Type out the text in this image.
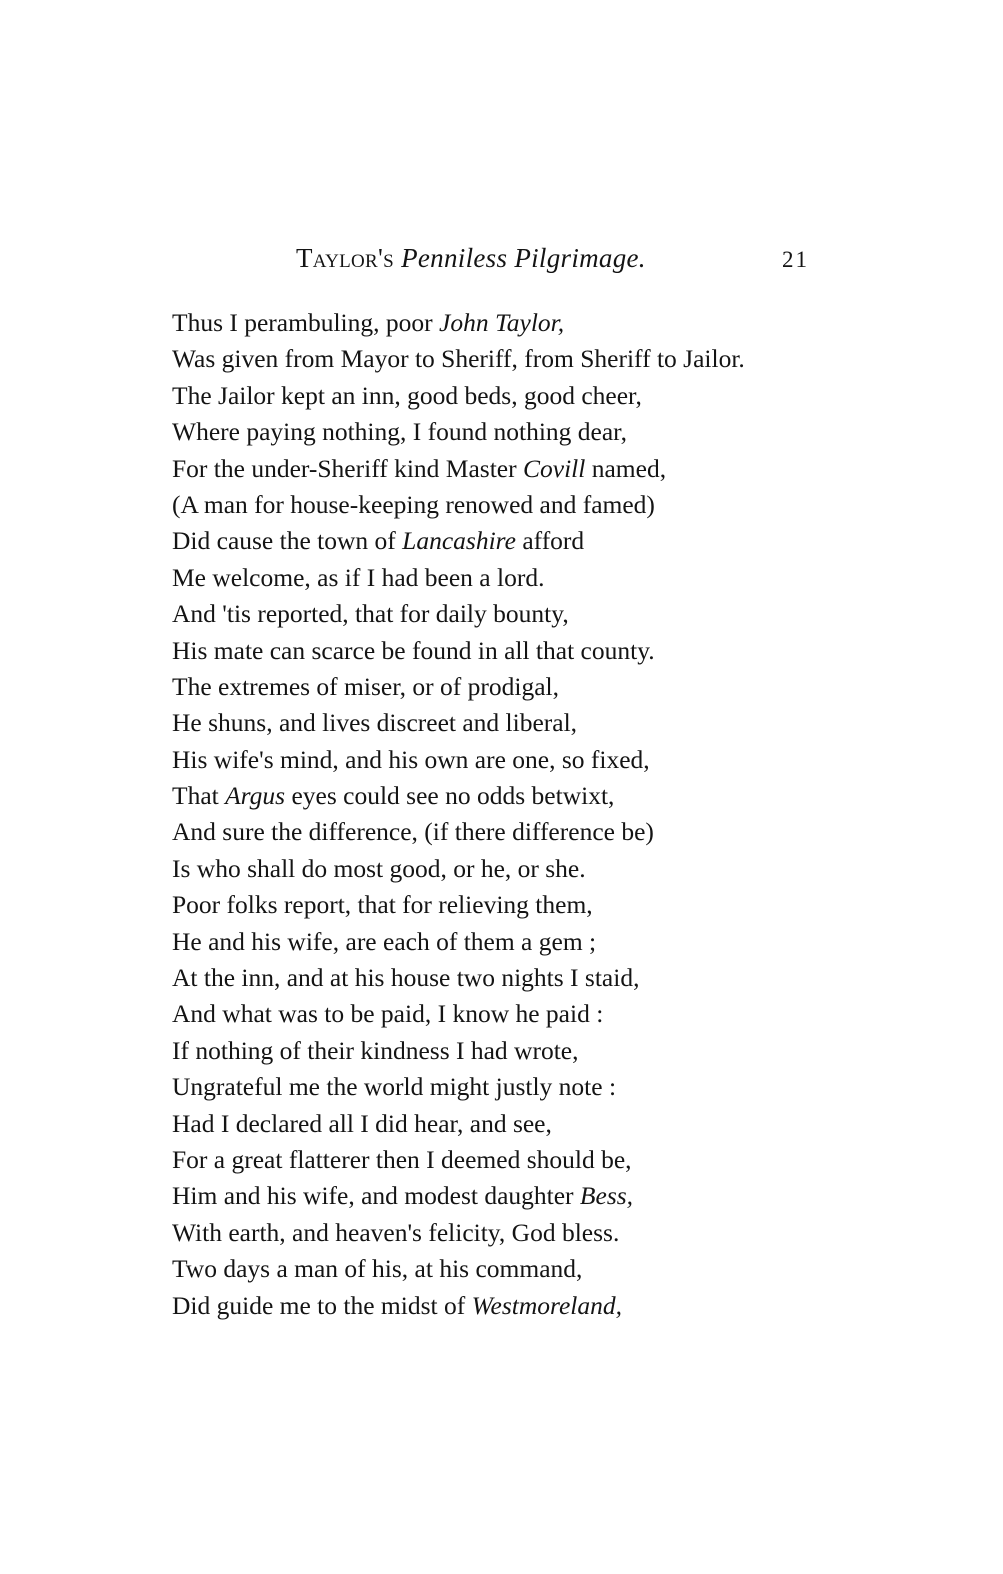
Taylor's Penniless Pilgrimage.	21
Thus I perambuling, poor John Taylor,
Was given from Mayor to Sheriff, from Sheriff to Jailor.
The Jailor kept an inn, good beds, good cheer,
Where paying nothing, I found nothing dear,
For the under-Sheriff kind Master Covill named,
(A man for house-keeping renowed and famed)
Did cause the town of Lancashire afford
Me welcome, as if I had been a lord.
And 'tis reported, that for daily bounty,
His mate can scarce be found in all that county.
The extremes of miser, or of prodigal,
He shuns, and lives discreet and liberal,
His wife's mind, and his own are one, so fixed,
That Argus eyes could see no odds betwixt,
And sure the difference, (if there difference be)
Is who shall do most good, or he, or she.
Poor folks report, that for relieving them,
He and his wife, are each of them a gem ;
At the inn, and at his house two nights I staid,
And what was to be paid, I know he paid :
If nothing of their kindness I had wrote,
Ungrateful me the world might justly note :
Had I declared all I did hear, and see,
For a great flatterer then I deemed should be,
Him and his wife, and modest daughter Bess,
With earth, and heaven's felicity, God bless.
Two days a man of his, at his command,
Did guide me to the midst of Westmoreland,
